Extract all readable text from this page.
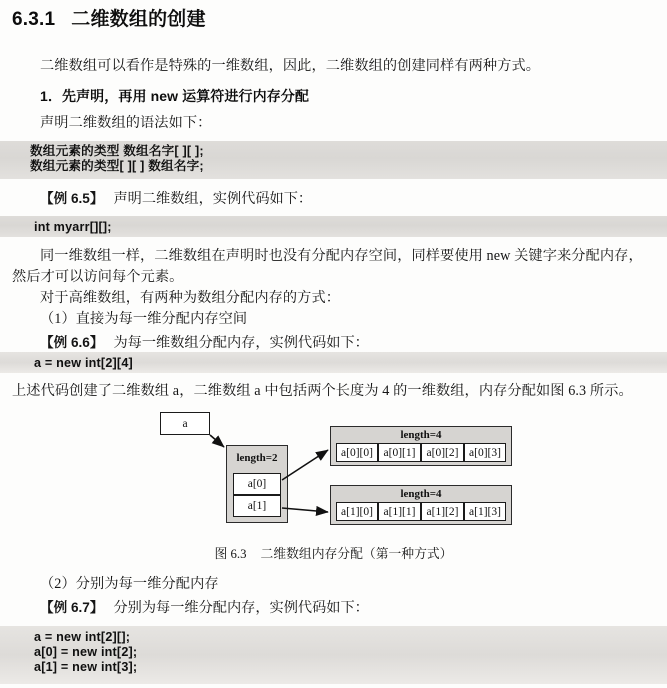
6.3.1 二维数组的创建
二维数组可以看作是特殊的一维数组，因此，二维数组的创建同样有两种方式。
1．先声明，再用 new 运算符进行内存分配
声明二维数组的语法如下：
数组元素的类型 数组名字[ ][ ];
数组元素的类型[ ][ ] 数组名字;
【例 6.5】 声明二维数组，实例代码如下：
int myarr[][];
同一维数组一样，二维数组在声明时也没有分配内存空间，同样要使用 new 关键字来分配内存，
然后才可以访问每个元素。
对于高维数组，有两种为数组分配内存的方式：
（1）直接为每一维分配内存空间
【例 6.6】 为每一维数组分配内存，实例代码如下：
a = new int[2][4]
上述代码创建了二维数组 a，二维数组 a 中包括两个长度为 4 的一维数组，内存分配如图 6.3 所示。
a
length=2
a[0]
a[1]
length=4
a[0][0] a[0][1] a[0][2] a[0][3]
length=4
a[1][0] a[1][1] a[1][2] a[1][3]
图 6.3 二维数组内存分配（第一种方式）
（2）分别为每一维分配内存
【例 6.7】 分别为每一维分配内存，实例代码如下：
a = new int[2][];
a[0] = new int[2];
a[1] = new int[3];
